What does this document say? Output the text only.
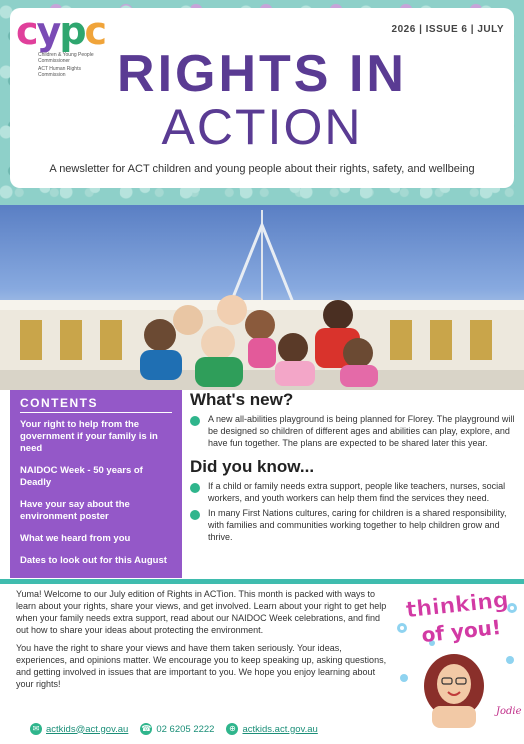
cypc
Children & Young People Commissioner
ACT Human Rights Commission
2026 | ISSUE 6 | JULY
RIGHTS IN
ACTION
A newsletter for ACT children and young people about their rights, safety, and wellbeing
CONTENTS
Your right to help from the government if your family is in need
NAIDOC Week - 50 years of Deadly
Have your say about the environment poster
What we heard from you
Dates to look out for this August
What's new?

A new all-abilities playground is being planned for Florey. The playground will be designed so children of different ages and abilities can play, explore, and have fun together. The plans are expected to be shared later this year.

Did you know...

If a child or family needs extra support, people like teachers, nurses, social workers, and youth workers can help them find the services they need.

In many First Nations cultures, caring for children is a shared responsibility, with families and communities working together to help children grow and thrive.

Yuma! Welcome to our July edition of Rights in ACTion. This month is packed with ways to learn about your rights, share your views, and get involved. Learn about your right to get help when your family needs extra support, read about our NAIDOC Week celebrations, and find out how to share your ideas about protecting the environment.

You have the right to share your views and have them taken seriously. Your ideas, experiences, and opinions matter. We encourage you to keep speaking up, asking questions, and getting involved in issues that are important to you. We hope you enjoy learning about your rights!

thinking
of you!
Jodie
✉ actkids@act.gov.au ☎ 02 6205 2222	⊕ actkids.act.gov.au
